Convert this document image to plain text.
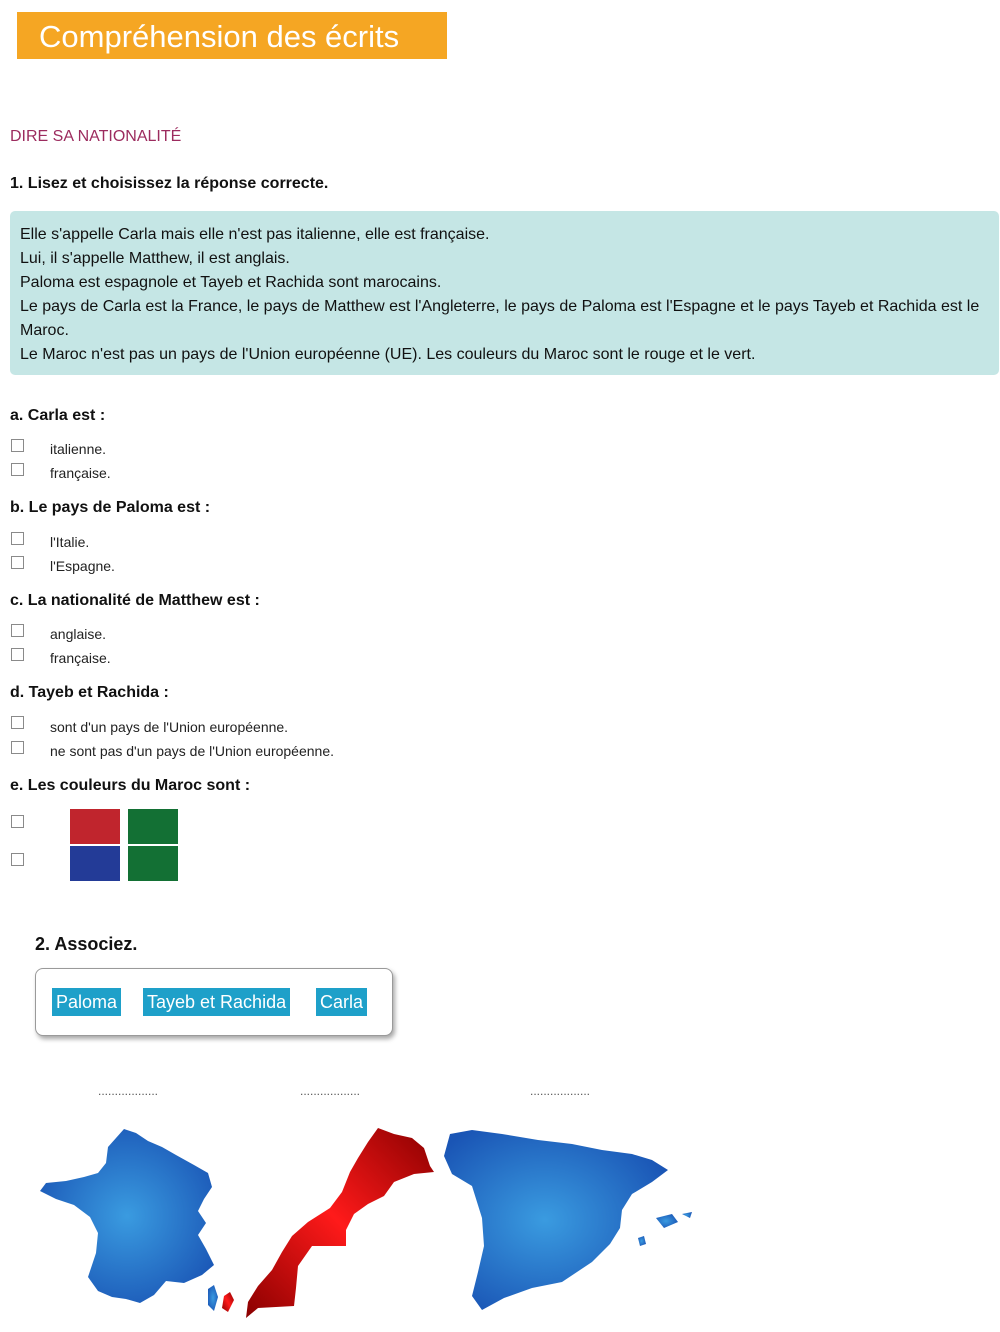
Compréhension des écrits
DIRE SA NATIONALITÉ
1. Lisez et choisissez la réponse correcte.

Elle s'appelle Carla mais elle n'est pas italienne, elle est française.

Lui, il s'appelle Matthew, il est anglais.

Paloma est espagnole et Tayeb et Rachida sont marocains.

Le pays de Carla est la France, le pays de Matthew est l'Angleterre, le pays de Paloma est l'Espagne et le pays Tayeb et Rachida est le Maroc.

Le Maroc n'est pas un pays de l'Union européenne (UE). Les couleurs du Maroc sont le rouge et le vert.

a. Carla est :
italienne.
française.
b. Le pays de Paloma est :
l'Italie.
l'Espagne.
c. La nationalité de Matthew est :
anglaise.
française.
d. Tayeb et Rachida :
sont d'un pays de l'Union européenne.
ne sont pas d'un pays de l'Union européenne.
e. Les couleurs du Maroc sont :
2. Associez.
Paloma Tayeb et Rachida Carla
..................	..................	..................
